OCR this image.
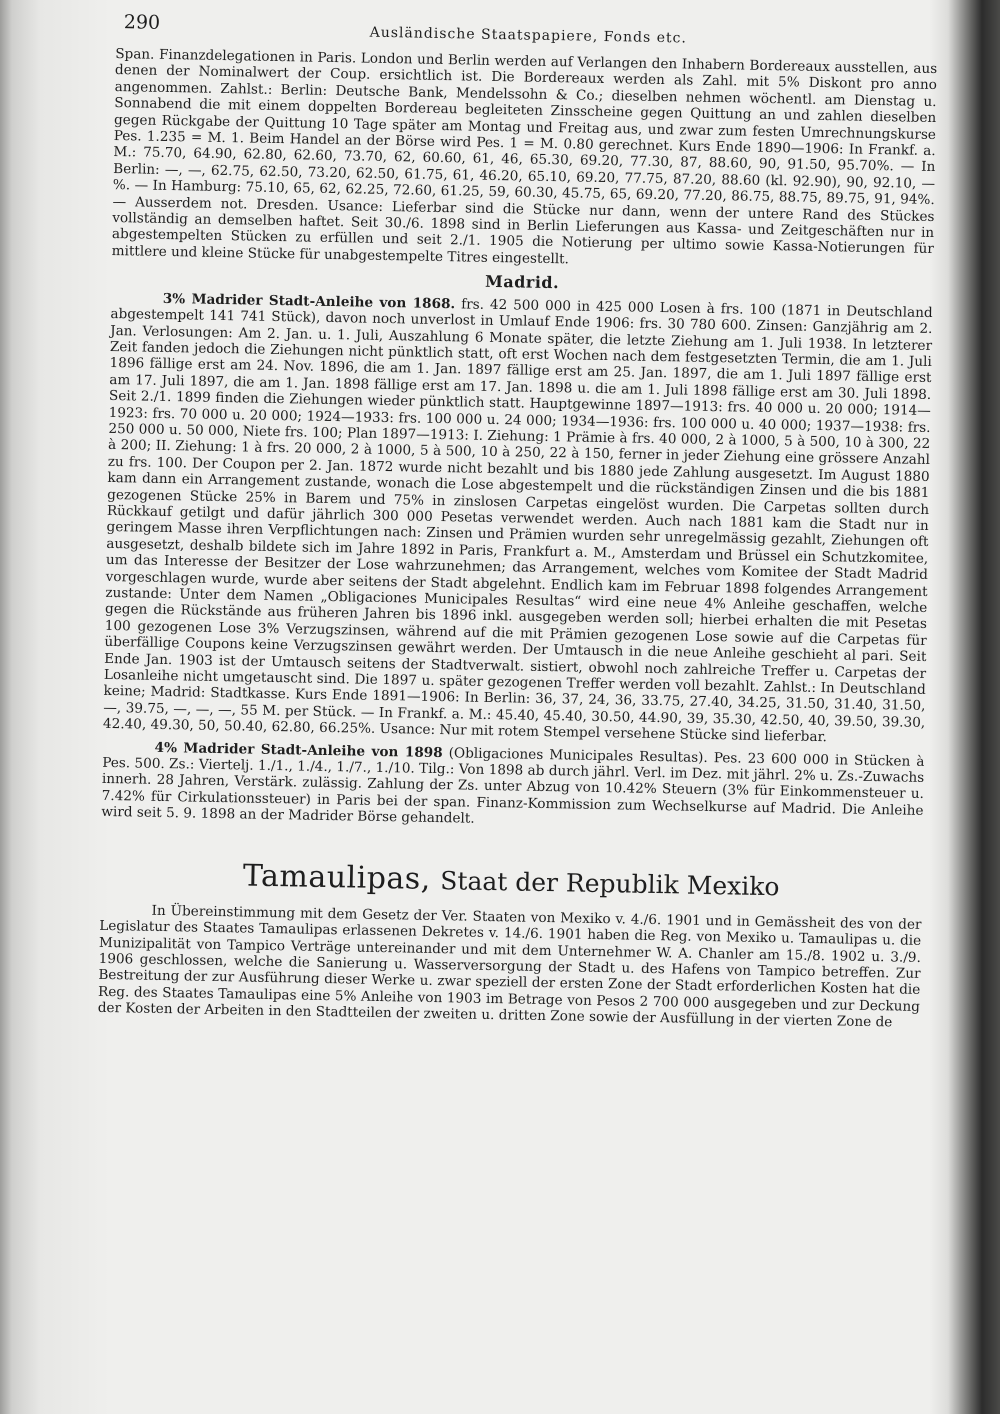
290
Ausländische Staatspapiere, Fonds etc.

Span. Finanzdelegationen in Paris. London und Berlin werden auf Verlangen den Inhabern Bordereaux ausstellen, aus denen der Nominalwert der Coup. ersichtlich ist. Die Bordereaux werden als Zahl. mit 5% Diskont pro anno angenommen. Zahlst.: Berlin: Deutsche Bank, Mendelssohn & Co.; dieselben nehmen wöchentl. am Dienstag u. Sonnabend die mit einem doppelten Bordereau begleiteten Zinsscheine gegen Quittung an und zahlen dieselben gegen Rückgabe der Quittung 10 Tage später am Montag und Freitag aus, und zwar zum festen Umrechnungskurse Pes. 1.235 = M. 1. Beim Handel an der Börse wird Pes. 1 = M. 0.80 gerechnet. Kurs Ende 1890—1906: In Frankf. a. M.: 75.70, 64.90, 62.80, 62.60, 73.70, 62, 60.60, 61, 46, 65.30, 69.20, 77.30, 87, 88.60, 90, 91.50, 95.70%. — In Berlin: —, —, 62.75, 62.50, 73.20, 62.50, 61.75, 61, 46.20, 65.10, 69.20, 77.75, 87.20, 88.60 (kl. 92.90), 90, 92.10, —%. — In Hamburg: 75.10, 65, 62, 62.25, 72.60, 61.25, 59, 60.30, 45.75, 65, 69.20, 77.20, 86.75, 88.75, 89.75, 91, 94%. — Ausserdem not. Dresden. Usance: Lieferbar sind die Stücke nur dann, wenn der untere Rand des Stückes vollständig an demselben haftet. Seit 30./6. 1898 sind in Berlin Lieferungen aus Kassa- und Zeitgeschäften nur in abgestempelten Stücken zu erfüllen und seit 2./1. 1905 die Notierung per ultimo sowie Kassa-Notierungen für mittlere und kleine Stücke für unabgestempelte Titres eingestellt.

Madrid.

3% Madrider Stadt-Anleihe von 1868. frs. 42 500 000 in 425 000 Losen à frs. 100 (1871 in Deutschland abgestempelt 141 741 Stück), davon noch unverlost in Umlauf Ende 1906: frs. 30 780 600. Zinsen: Ganzjährig am 2. Jan. Verlosungen: Am 2. Jan. u. 1. Juli, Auszahlung 6 Monate später, die letzte Ziehung am 1. Juli 1938. In letzterer Zeit fanden jedoch die Ziehungen nicht pünktlich statt, oft erst Wochen nach dem festgesetzten Termin, die am 1. Juli 1896 fällige erst am 24. Nov. 1896, die am 1. Jan. 1897 fällige erst am 25. Jan. 1897, die am 1. Juli 1897 fällige erst am 17. Juli 1897, die am 1. Jan. 1898 fällige erst am 17. Jan. 1898 u. die am 1. Juli 1898 fällige erst am 30. Juli 1898. Seit 2./1. 1899 finden die Ziehungen wieder pünktlich statt. Hauptgewinne 1897—1913: frs. 40 000 u. 20 000; 1914—1923: frs. 70 000 u. 20 000; 1924—1933: frs. 100 000 u. 24 000; 1934—1936: frs. 100 000 u. 40 000; 1937—1938: frs. 250 000 u. 50 000, Niete frs. 100; Plan 1897—1913: I. Ziehung: 1 Prämie à frs. 40 000, 2 à 1000, 5 à 500, 10 à 300, 22 à 200; II. Ziehung: 1 à frs. 20 000, 2 à 1000, 5 à 500, 10 à 250, 22 à 150, ferner in jeder Ziehung eine grössere Anzahl zu frs. 100. Der Coupon per 2. Jan. 1872 wurde nicht bezahlt und bis 1880 jede Zahlung ausgesetzt. Im August 1880 kam dann ein Arrangement zustande, wonach die Lose abgestempelt und die rückständigen Zinsen und die bis 1881 gezogenen Stücke 25% in Barem und 75% in zinslosen Carpetas eingelöst wurden. Die Carpetas sollten durch Rückkauf getilgt und dafür jährlich 300 000 Pesetas verwendet werden. Auch nach 1881 kam die Stadt nur in geringem Masse ihren Verpflichtungen nach: Zinsen und Prämien wurden sehr unregelmässig gezahlt, Ziehungen oft ausgesetzt, deshalb bildete sich im Jahre 1892 in Paris, Frankfurt a. M., Amsterdam und Brüssel ein Schutzkomitee, um das Interesse der Besitzer der Lose wahrzunehmen; das Arrangement, welches vom Komitee der Stadt Madrid vorgeschlagen wurde, wurde aber seitens der Stadt abgelehnt. Endlich kam im Februar 1898 folgendes Arrangement zustande: Unter dem Namen „Obligaciones Municipales Resultas“ wird eine neue 4% Anleihe geschaffen, welche gegen die Rückstände aus früheren Jahren bis 1896 inkl. ausgegeben werden soll; hierbei erhalten die mit Pesetas 100 gezogenen Lose 3% Verzugszinsen, während auf die mit Prämien gezogenen Lose sowie auf die Carpetas für überfällige Coupons keine Verzugszinsen gewährt werden. Der Umtausch in die neue Anleihe geschieht al pari. Seit Ende Jan. 1903 ist der Umtausch seitens der Stadtverwalt. sistiert, obwohl noch zahlreiche Treffer u. Carpetas der Losanleihe nicht umgetauscht sind. Die 1897 u. später gezogenen Treffer werden voll bezahlt. Zahlst.: In Deutschland keine; Madrid: Stadtkasse. Kurs Ende 1891—1906: In Berlin: 36, 37, 24, 36, 33.75, 27.40, 34.25, 31.50, 31.40, 31.50, —, 39.75, —, —, —, 55 M. per Stück. — In Frankf. a. M.: 45.40, 45.40, 30.50, 44.90, 39, 35.30, 42.50, 40, 39.50, 39.30, 42.40, 49.30, 50, 50.40, 62.80, 66.25%. Usance: Nur mit rotem Stempel versehene Stücke sind lieferbar.

4% Madrider Stadt-Anleihe von 1898 (Obligaciones Municipales Resultas). Pes. 23 600 000 in Stücken à Pes. 500. Zs.: Viertelj. 1./1., 1./4., 1./7., 1./10. Tilg.: Von 1898 ab durch jährl. Verl. im Dez. mit jährl. 2% u. Zs.-Zuwachs innerh. 28 Jahren, Verstärk. zulässig. Zahlung der Zs. unter Abzug von 10.42% Steuern (3% für Einkommensteuer u. 7.42% für Cirkulationssteuer) in Paris bei der span. Finanz-Kommission zum Wechselkurse auf Madrid. Die Anleihe wird seit 5. 9. 1898 an der Madrider Börse gehandelt.

Tamaulipas, Staat der Republik Mexiko

In Übereinstimmung mit dem Gesetz der Ver. Staaten von Mexiko v. 4./6. 1901 und in Gemässheit des von der Legislatur des Staates Tamaulipas erlassenen Dekretes v. 14./6. 1901 haben die Reg. von Mexiko u. Tamaulipas u. die Munizipalität von Tampico Verträge untereinander und mit dem Unternehmer W. A. Chanler am 15./8. 1902 u. 3./9. 1906 geschlossen, welche die Sanierung u. Wasserversorgung der Stadt u. des Hafens von Tampico betreffen. Zur Bestreitung der zur Ausführung dieser Werke u. zwar speziell der ersten Zone der Stadt erforderlichen Kosten hat die Reg. des Staates Tamaulipas eine 5% Anleihe von 1903 im Betrage von Pesos 2 700 000 ausgegeben und zur Deckung der Kosten der Arbeiten in den Stadtteilen der zweiten u. dritten Zone sowie der Ausfüllung in der vierten Zone de
